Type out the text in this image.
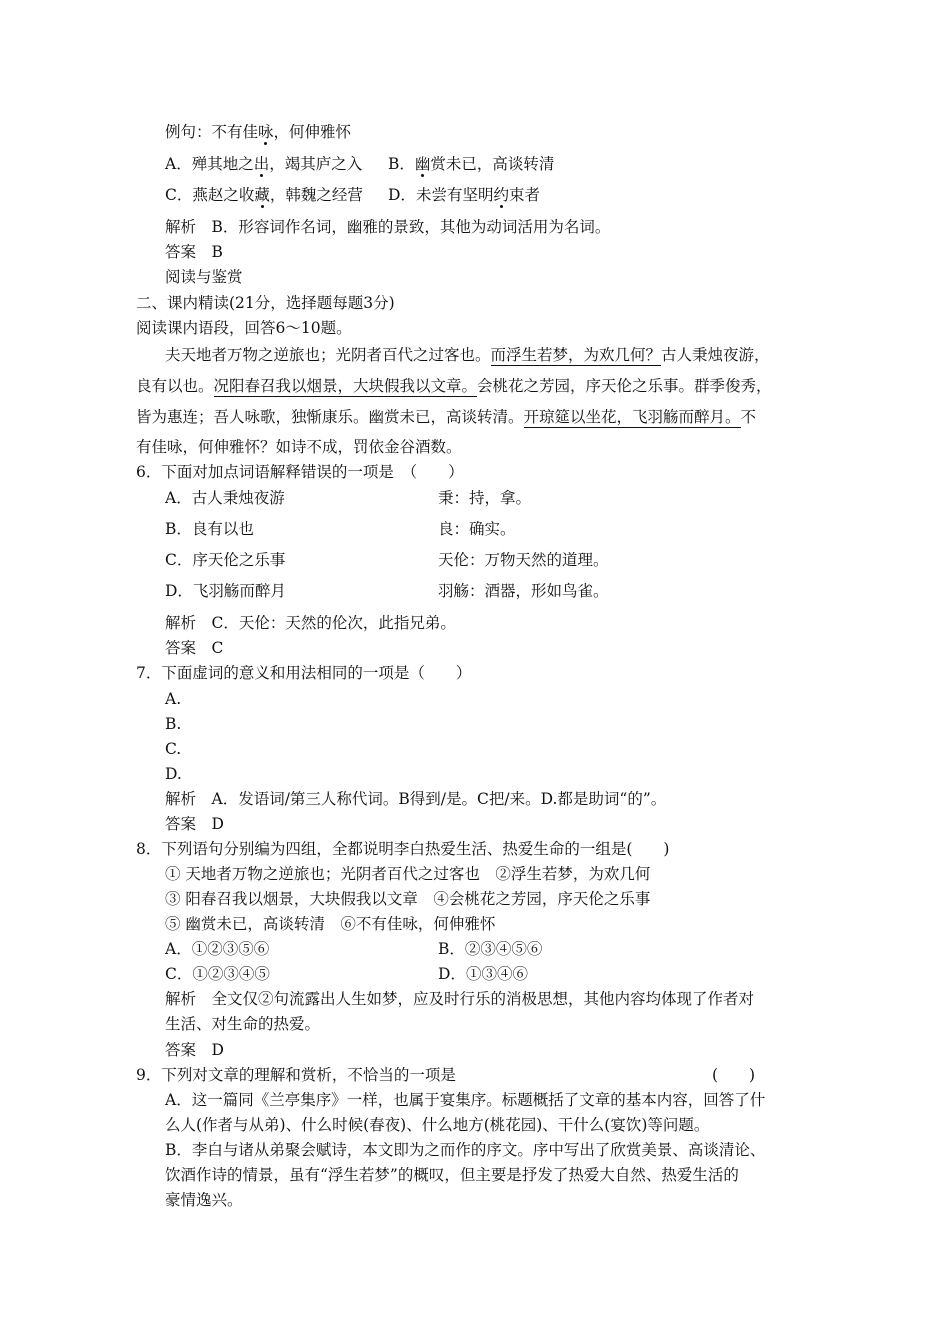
例句：不有佳咏，何伸雅怀
A．殚其地之出，竭其庐之入 B．幽赏未已，高谈转清
C．燕赵之收藏，韩魏之经营 D．未尝有坚明约束者
解析　B．形容词作名词，幽雅的景致，其他为动词活用为名词。
答案　B
阅读与鉴赏
二、课内精读(21分，选择题每题3分)
阅读课内语段，回答6～10题。
夫天地者万物之逆旅也；光阴者百代之过客也。而浮生若梦，为欢几何？古人秉烛夜游，
良有以也。况阳春召我以烟景，大块假我以文章。会桃花之芳园，序天伦之乐事。群季俊秀，
皆为惠连；吾人咏歌，独惭康乐。幽赏未已，高谈转清。开琼筵以坐花，飞羽觞而醉月。不
有佳咏，何伸雅怀？如诗不成，罚依金谷酒数。
6．下面对加点词语解释错误的一项是　（　　）
A．古人秉烛夜游	秉：持，拿。
B．良有以也	良：确实。
C．序天伦之乐事	天伦：万物天然的道理。
D．飞羽觞而醉月	羽觞：酒器，形如鸟雀。
解析　C．天伦：天然的伦次，此指兄弟。
答案　C
7．下面虚词的意义和用法相同的一项是（　　）
A.
B.
C.
D.
解析　A．发语词/第三人称代词。B得到/是。C把/来。D.都是助词“的”。
答案　D
8．下列语句分别编为四组，全都说明李白热爱生活、热爱生命的一组是(　　)
① 天地者万物之逆旅也；光阴者百代之过客也　②浮生若梦，为欢几何
③ 阳春召我以烟景，大块假我以文章　④会桃花之芳园，序天伦之乐事
⑤ 幽赏未已，高谈转清　⑥不有佳咏，何伸雅怀
A．①②③⑤⑥	B．②③④⑤⑥
C．①②③④⑤	D．①③④⑥
解析　全文仅②句流露出人生如梦，应及时行乐的消极思想，其他内容均体现了作者对
生活、对生命的热爱。
答案　D
9．下列对文章的理解和赏析，不恰当的一项是	(　　)
A．这一篇同《兰亭集序》一样，也属于宴集序。标题概括了文章的基本内容，回答了什
么人(作者与从弟)、什么时候(春夜)、什么地方(桃花园)、干什么(宴饮)等问题。
B．李白与诸从弟聚会赋诗，本文即为之而作的序文。序中写出了欣赏美景、高谈清论、
饮酒作诗的情景，虽有“浮生若梦”的概叹，但主要是抒发了热爱大自然、热爱生活的
豪情逸兴。
